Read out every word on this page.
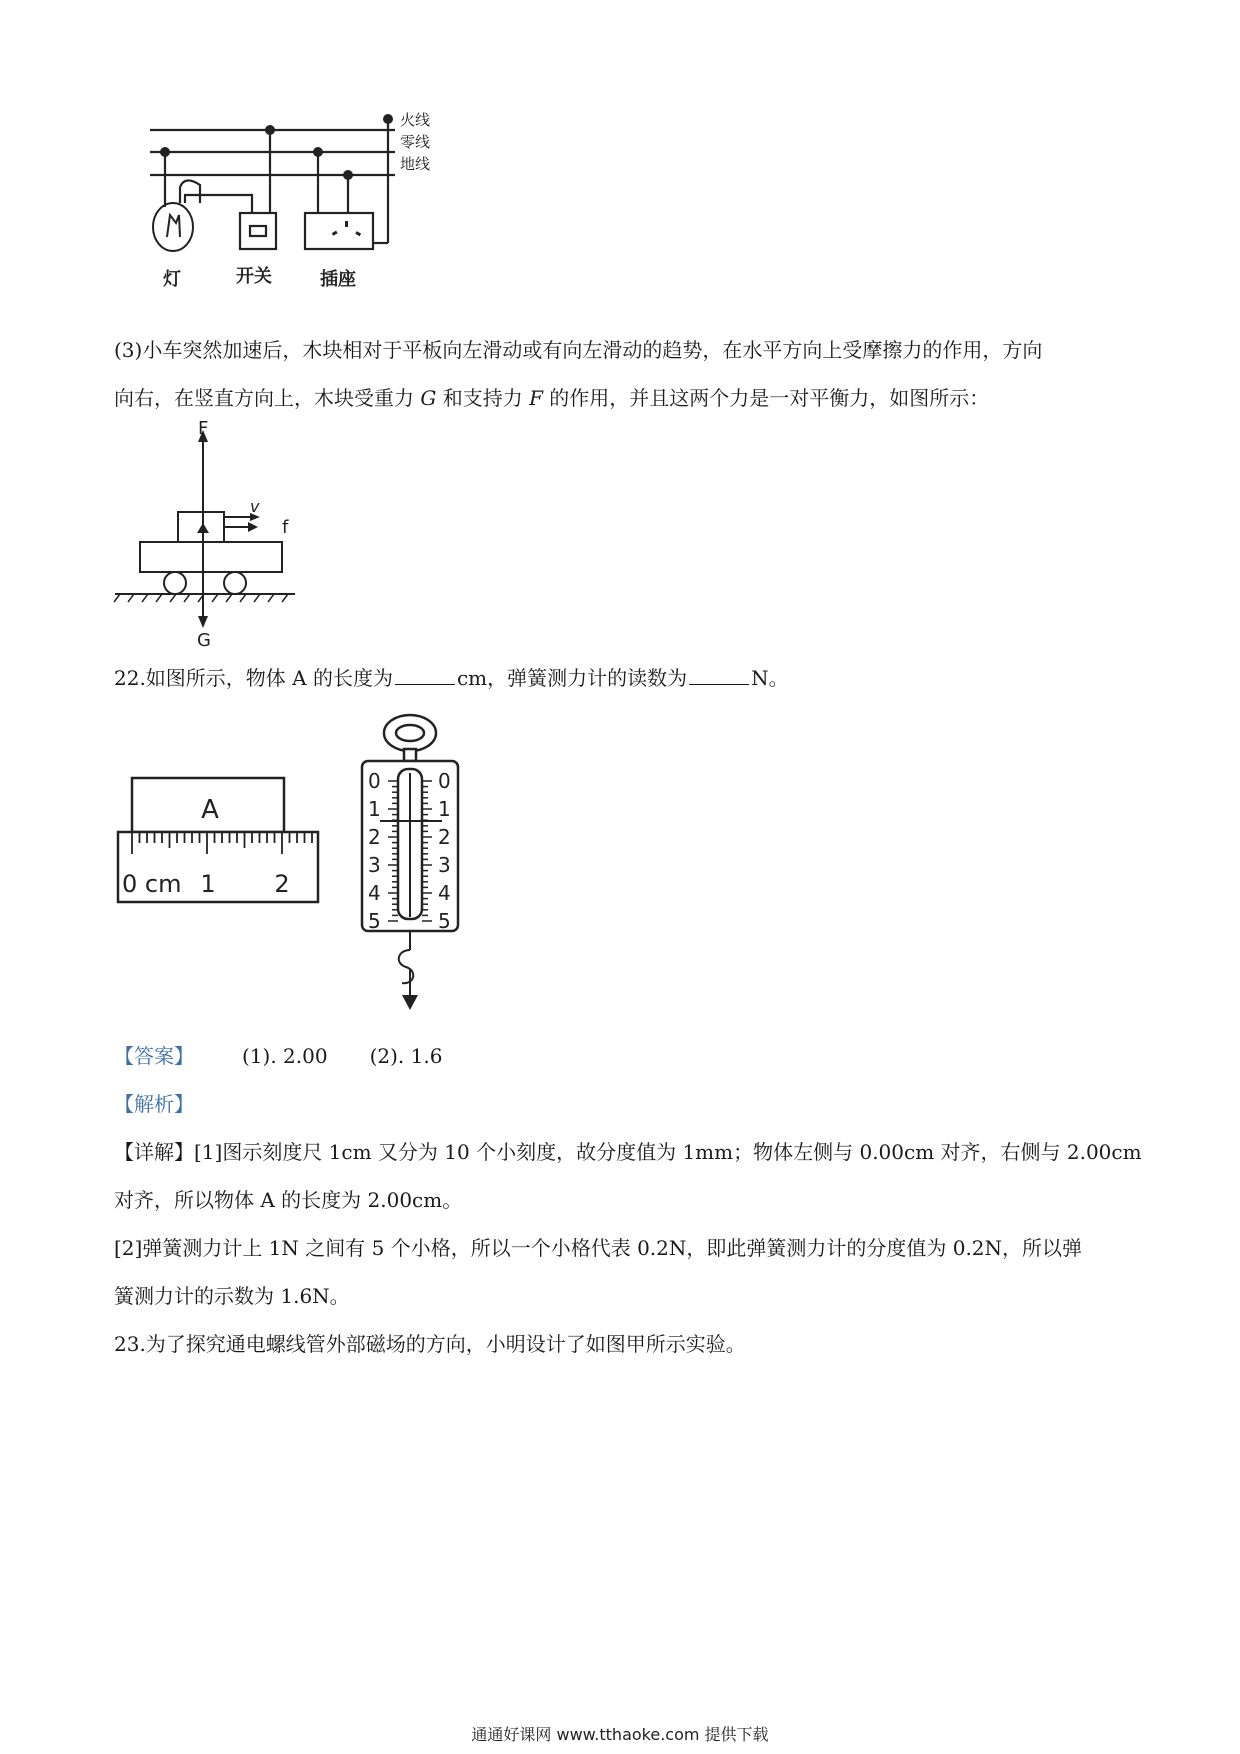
火线
零线
地线
灯	开关	插座
(3)小车突然加速后，木块相对于平板向左滑动或有向左滑动的趋势，在水平方向上受摩擦力的作用，方向
向右，在竖直方向上，木块受重力 G 和支持力 F 的作用，并且这两个力是一对平衡力，如图所示：
F
v
f
G
22.如图所示，物体 A 的长度为	cm，弹簧测力计的读数为	N。
A
0 cm 1 2
0
1
2
3
4
5
0
1
2
3
4
5
【答案】 (1). 2.00 (2). 1.6
【解析】
【详解】[1]图示刻度尺 1cm 又分为 10 个小刻度，故分度值为 1mm；物体左侧与 0.00cm 对齐，右侧与 2.00cm
对齐，所以物体 A 的长度为 2.00cm。
[2]弹簧测力计上 1N 之间有 5 个小格，所以一个小格代表 0.2N，即此弹簧测力计的分度值为 0.2N，所以弹
簧测力计的示数为 1.6N。
23.为了探究通电螺线管外部磁场的方向，小明设计了如图甲所示实验。
通通好课网 www.tthaoke.com 提供下载
